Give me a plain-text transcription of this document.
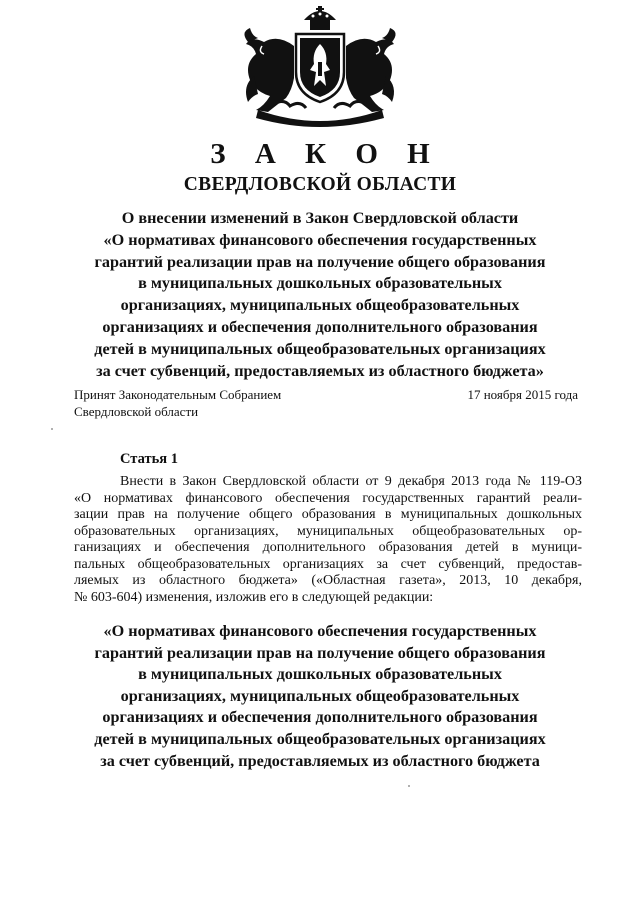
З А К О Н
СВЕРДЛОВСКОЙ ОБЛАСТИ
О внесении изменений в Закон Свердловской области
«О нормативах финансового обеспечения государственных
гарантий реализации прав на получение общего образования
в муниципальных дошкольных образовательных
организациях, муниципальных общеобразовательных
организациях и обеспечения дополнительного образования
детей в муниципальных общеобразовательных организациях
за счет субвенций, предоставляемых из областного бюджета»
Принят Законодательным Собранием
Свердловской области
17 ноября 2015 года
Статья 1
Внести в Закон Свердловской области от 9 декабря 2013 года № 119-ОЗ
«О нормативах финансового обеспечения государственных гарантий реали-
зации прав на получение общего образования в муниципальных дошкольных
образовательных организациях, муниципальных общеобразовательных ор-
ганизациях и обеспечения дополнительного образования детей в муници-
пальных общеобразовательных организациях за счет субвенций, предостав-
ляемых из областного бюджета» («Областная газета», 2013, 10 декабря,
№ 603-604) изменения, изложив его в следующей редакции:
«О нормативах финансового обеспечения государственных
гарантий реализации прав на получение общего образования
в муниципальных дошкольных образовательных
организациях, муниципальных общеобразовательных
организациях и обеспечения дополнительного образования
детей в муниципальных общеобразовательных организациях
за счет субвенций, предоставляемых из областного бюджета
